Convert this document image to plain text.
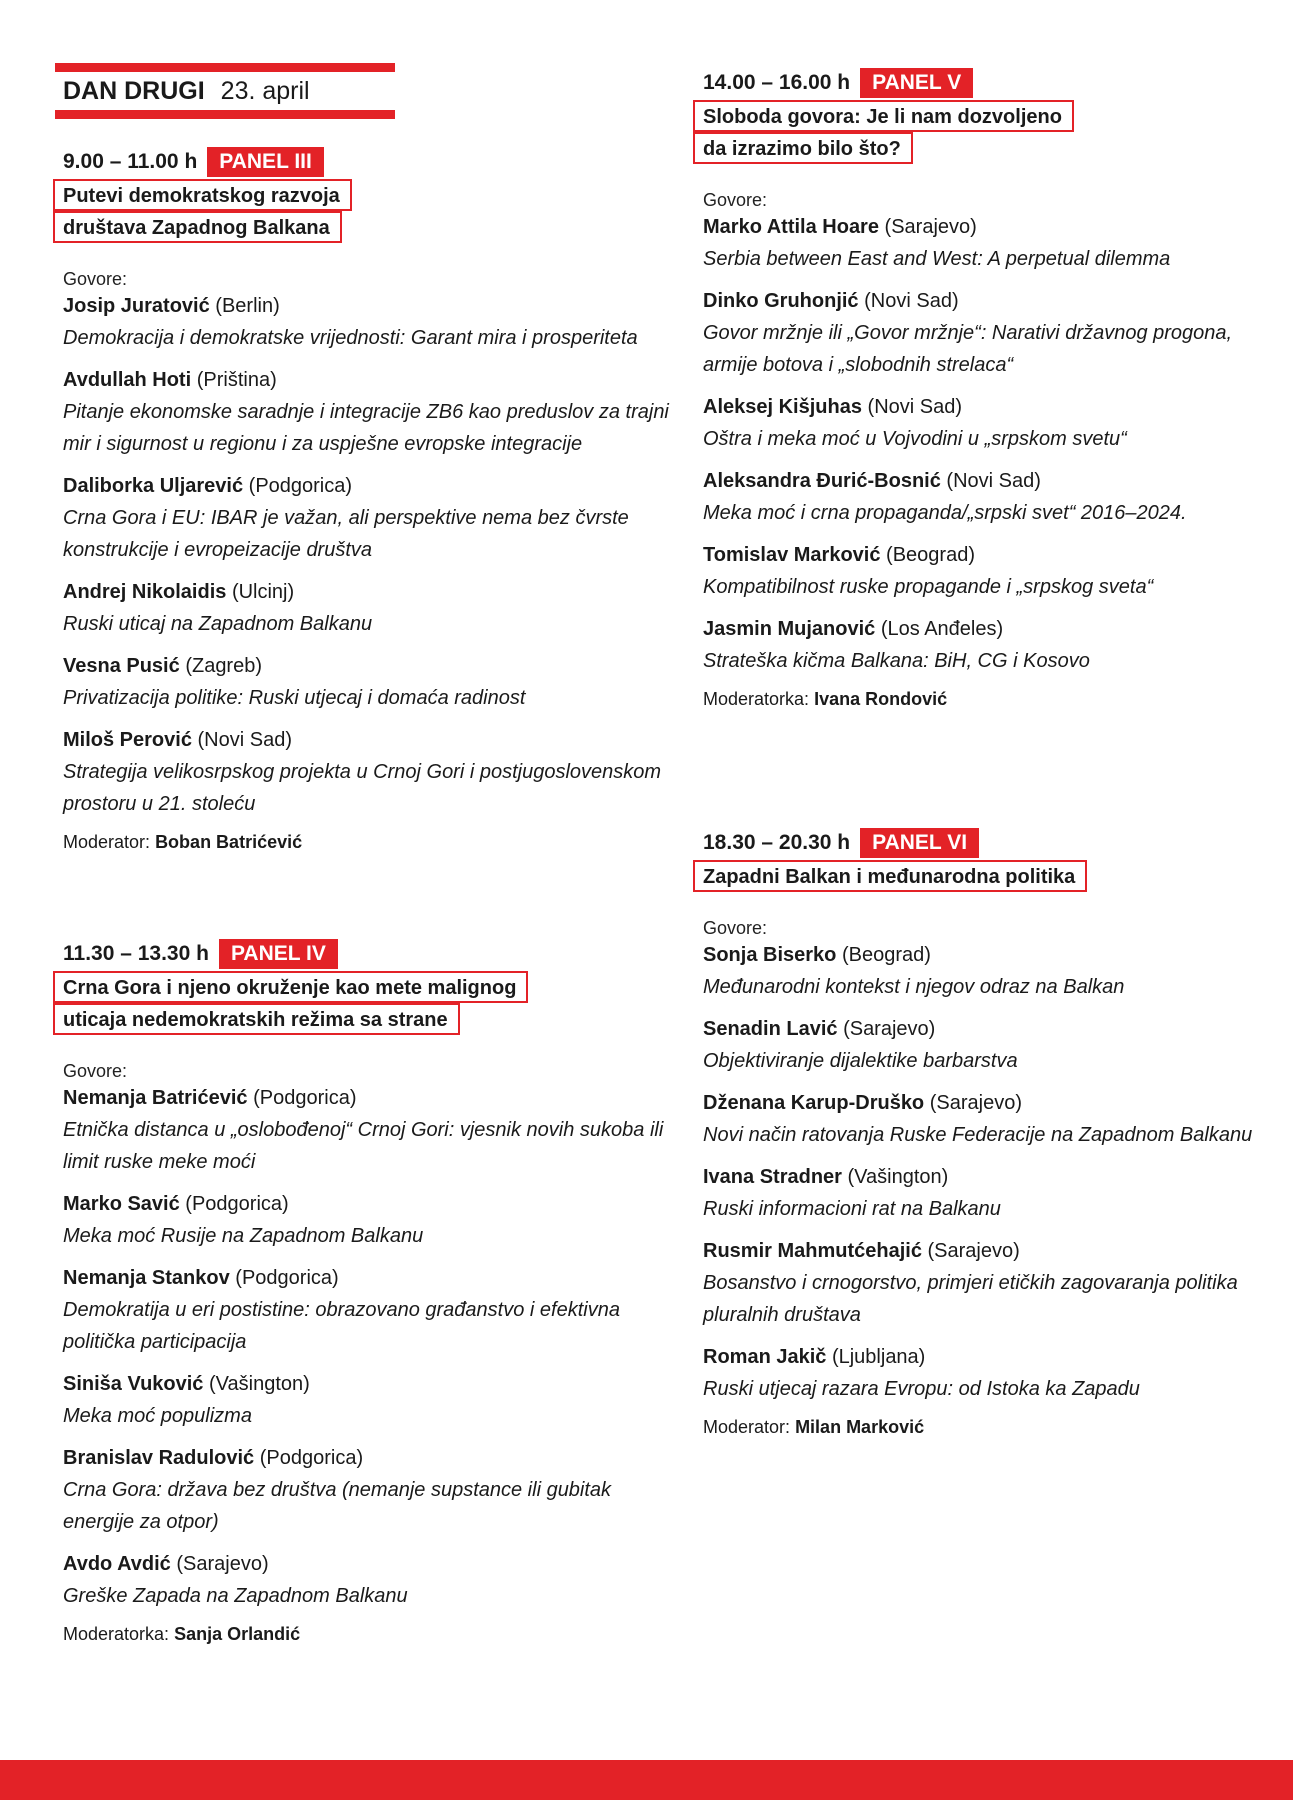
DAN DRUGI 23. april
9.00 – 11.00 h	PANEL III
Putevi demokratskog razvoja
društava Zapadnog Balkana
Govore:
Josip Juratović (Berlin)

Demokracija i demokratske vrijednosti: Garant mira i prosperiteta
Avdullah Hoti (Priština)

Pitanje ekonomske saradnje i integracije ZB6 kao preduslov za trajni mir i sigurnost u regionu i za uspješne evropske integracije
Daliborka Uljarević (Podgorica)

Crna Gora i EU: IBAR je važan, ali perspektive nema bez čvrste konstrukcije i evropeizacije društva
Andrej Nikolaidis (Ulcinj)

Ruski uticaj na Zapadnom Balkanu
Vesna Pusić (Zagreb)

Privatizacija politike: Ruski utjecaj i domaća radinost
Miloš Perović (Novi Sad)

Strategija velikosrpskog projekta u Crnoj Gori i postjugoslovenskom prostoru u 21. stoleću
Moderator: Boban Batrićević
11.30 – 13.30 h	PANEL IV
Crna Gora i njeno okruženje kao mete malignog
uticaja nedemokratskih režima sa strane
Govore:
Nemanja Batrićević (Podgorica)

Etnička distanca u „oslobođenoj“ Crnoj Gori: vjesnik novih sukoba ili limit ruske meke moći
Marko Savić (Podgorica)

Meka moć Rusije na Zapadnom Balkanu
Nemanja Stankov (Podgorica)

Demokratija u eri postistine: obrazovano građanstvo i efektivna politička participacija
Siniša Vuković (Vašington)

Meka moć populizma
Branislav Radulović (Podgorica)

Crna Gora: država bez društva (nemanje supstance ili gubitak energije za otpor)
Avdo Avdić (Sarajevo)

Greške Zapada na Zapadnom Balkanu
Moderatorka: Sanja Orlandić
14.00 – 16.00 h	PANEL V
Sloboda govora: Je li nam dozvoljeno
da izrazimo bilo što?
Govore:
Marko Attila Hoare (Sarajevo)

Serbia between East and West: A perpetual dilemma
Dinko Gruhonjić (Novi Sad)

Govor mržnje ili „Govor mržnje“: Narativi državnog progona, armije botova i „slobodnih strelaca“
Aleksej Kišjuhas (Novi Sad)

Oštra i meka moć u Vojvodini u „srpskom svetu“
Aleksandra Đurić-Bosnić (Novi Sad)

Meka moć i crna propaganda/„srpski svet“ 2016–2024.
Tomislav Marković (Beograd)

Kompatibilnost ruske propagande i „srpskog sveta“
Jasmin Mujanović (Los Anđeles)

Strateška kičma Balkana: BiH, CG i Kosovo
Moderatorka: Ivana Rondović
18.30 – 20.30 h	PANEL VI
Zapadni Balkan i međunarodna politika
Govore:
Sonja Biserko (Beograd)

Međunarodni kontekst i njegov odraz na Balkan
Senadin Lavić (Sarajevo)

Objektiviranje dijalektike barbarstva
Dženana Karup-Druško (Sarajevo)

Novi način ratovanja Ruske Federacije na Zapadnom Balkanu
Ivana Stradner (Vašington)

Ruski informacioni rat na Balkanu
Rusmir Mahmutćehajić (Sarajevo)

Bosanstvo i crnogorstvo, primjeri etičkih zagovaranja politika pluralnih društava
Roman Jakič (Ljubljana)

Ruski utjecaj razara Evropu: od Istoka ka Zapadu
Moderator: Milan Marković
